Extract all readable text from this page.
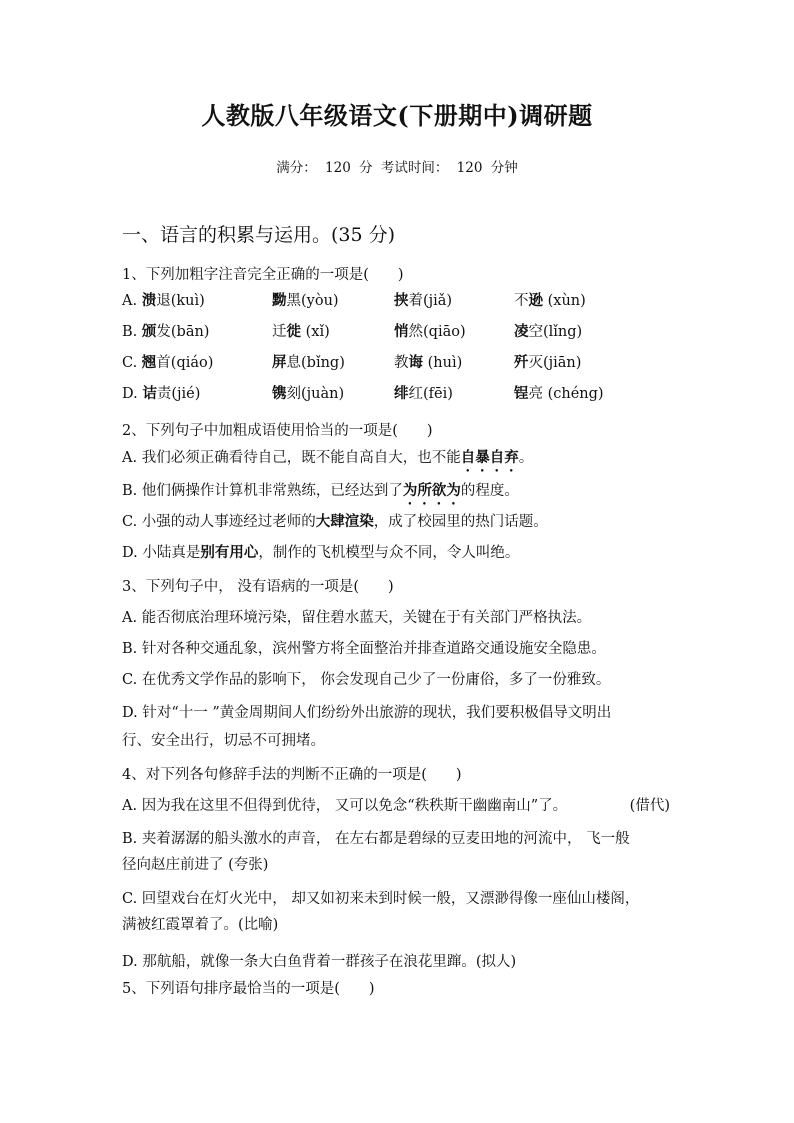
人教版八年级语文(下册期中)调研题
满分： 120 分 考试时间： 120 分钟
一、语言的积累与运用。(35 分)
1、下列加粗字注音完全正确的一项是(　　)
A. 溃退(kuì)	黝黑(yòu)	挟着(jiǎ)	不逊 (xùn)
B. 颁发(bān)	迁徙 (xǐ)	悄然(qiāo)	凌空(lǐng)
C. 翘首(qiáo)	屏息(bǐng)	教诲 (huì)	歼灭(jiān)
D. 诘责(jié)	镌刻(juàn)	绯红(fēi)	锃亮 (chéng)
2、下列句子中加粗成语使用恰当的一项是(　　)
A. 我们必须正确看待自己，既不能自高自大，也不能自暴自弃。
B. 他们俩操作计算机非常熟练，已经达到了为所欲为的程度。
C. 小强的动人事迹经过老师的大肆渲染，成了校园里的热门话题。
D. 小陆真是别有用心，制作的飞机模型与众不同，令人叫绝。
3、下列句子中， 没有语病的一项是(　　)
A. 能否彻底治理环境污染，留住碧水蓝天，关键在于有关部门严格执法。
B. 针对各种交通乱象，滨州警方将全面整治并排查道路交通设施安全隐患。
C. 在优秀文学作品的影响下， 你会发现自己少了一份庸俗，多了一份雅致。
D. 针对“十一 ”黄金周期间人们纷纷外出旅游的现状，我们要积极倡导文明出
行、安全出行，切忌不可拥堵。
4、对下列各句修辞手法的判断不正确的一项是(　　)
A. 因为我在这里不但得到优待， 又可以免念“秩秩斯干幽幽南山”了。	(借代)
B. 夹着潺潺的船头激水的声音， 在左右都是碧绿的豆麦田地的河流中， 飞一般
径向赵庄前进了 (夸张)
C. 回望戏台在灯火光中， 却又如初来未到时候一般，又漂渺得像一座仙山楼阁，
满被红霞罩着了。(比喻)
D. 那航船，就像一条大白鱼背着一群孩子在浪花里蹿。(拟人)
5、下列语句排序最恰当的一项是(　　)
